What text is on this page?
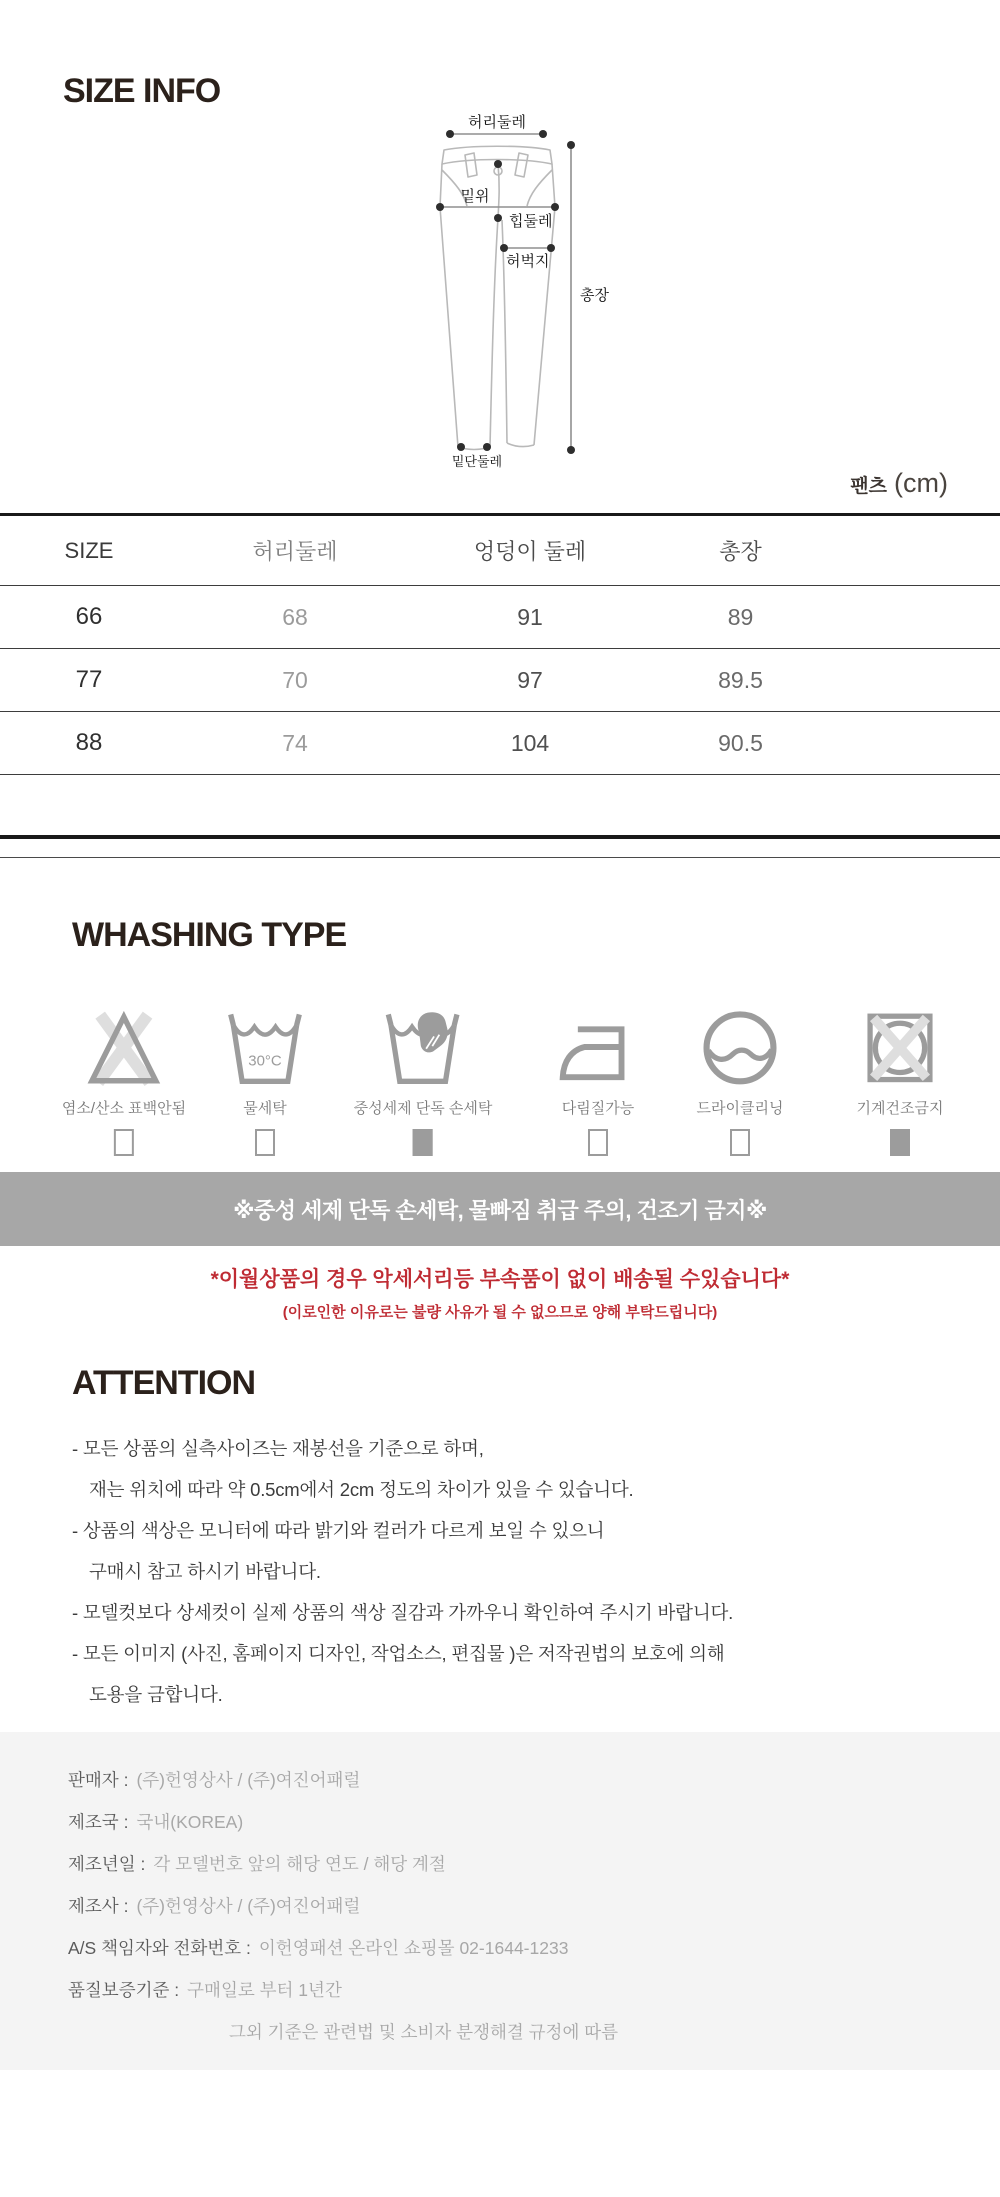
SIZE INFO
허리둘레
총장
밑위
힙둘레
허벅지
밑단둘레
팬츠 (cm)
SIZE	허리둘레	엉덩이 둘레	총장	
66	68	91	89	
77	70	97	89.5	
88	74	104	90.5	

WHASHING TYPE
염소/산소 표백안됨
30°C
물세탁	중성세제 단독 손세탁	다림질가능	드라이클리닝	기계건조금지
※중성 세제 단독 손세탁, 물빠짐 취급 주의, 건조기 금지※

*이월상품의 경우 악세서리등 부속품이 없이 배송될 수있습니다*

(이로인한 이유로는 불량 사유가 될 수 없으므로 양해 부탁드립니다)

ATTENTION

- 모든 상품의 실측사이즈는 재봉선을 기준으로 하며,

재는 위치에 따라 약 0.5cm에서 2cm 정도의 차이가 있을 수 있습니다.

- 상품의 색상은 모니터에 따라 밝기와 컬러가 다르게 보일 수 있으니

구매시 참고 하시기 바랍니다.

- 모델컷보다 상세컷이 실제 상품의 색상 질감과 가까우니 확인하여 주시기 바랍니다.

- 모든 이미지 (사진, 홈페이지 디자인, 작업소스, 편집물 )은 저작권법의 보호에 의해

도용을 금합니다.

판매자 : (주)헌영상사 / (주)여진어패럴
제조국 : 국내(KOREA)
제조년일 : 각 모델번호 앞의 해당 연도 / 해당 계절
제조사 : (주)헌영상사 / (주)여진어패럴
A/S 책임자와 전화번호 : 이헌영패션 온라인 쇼핑몰 02-1644-1233
품질보증기준 : 구매일로 부터 1년간
그외 기준은 관련법 및 소비자 분쟁해결 규정에 따름
